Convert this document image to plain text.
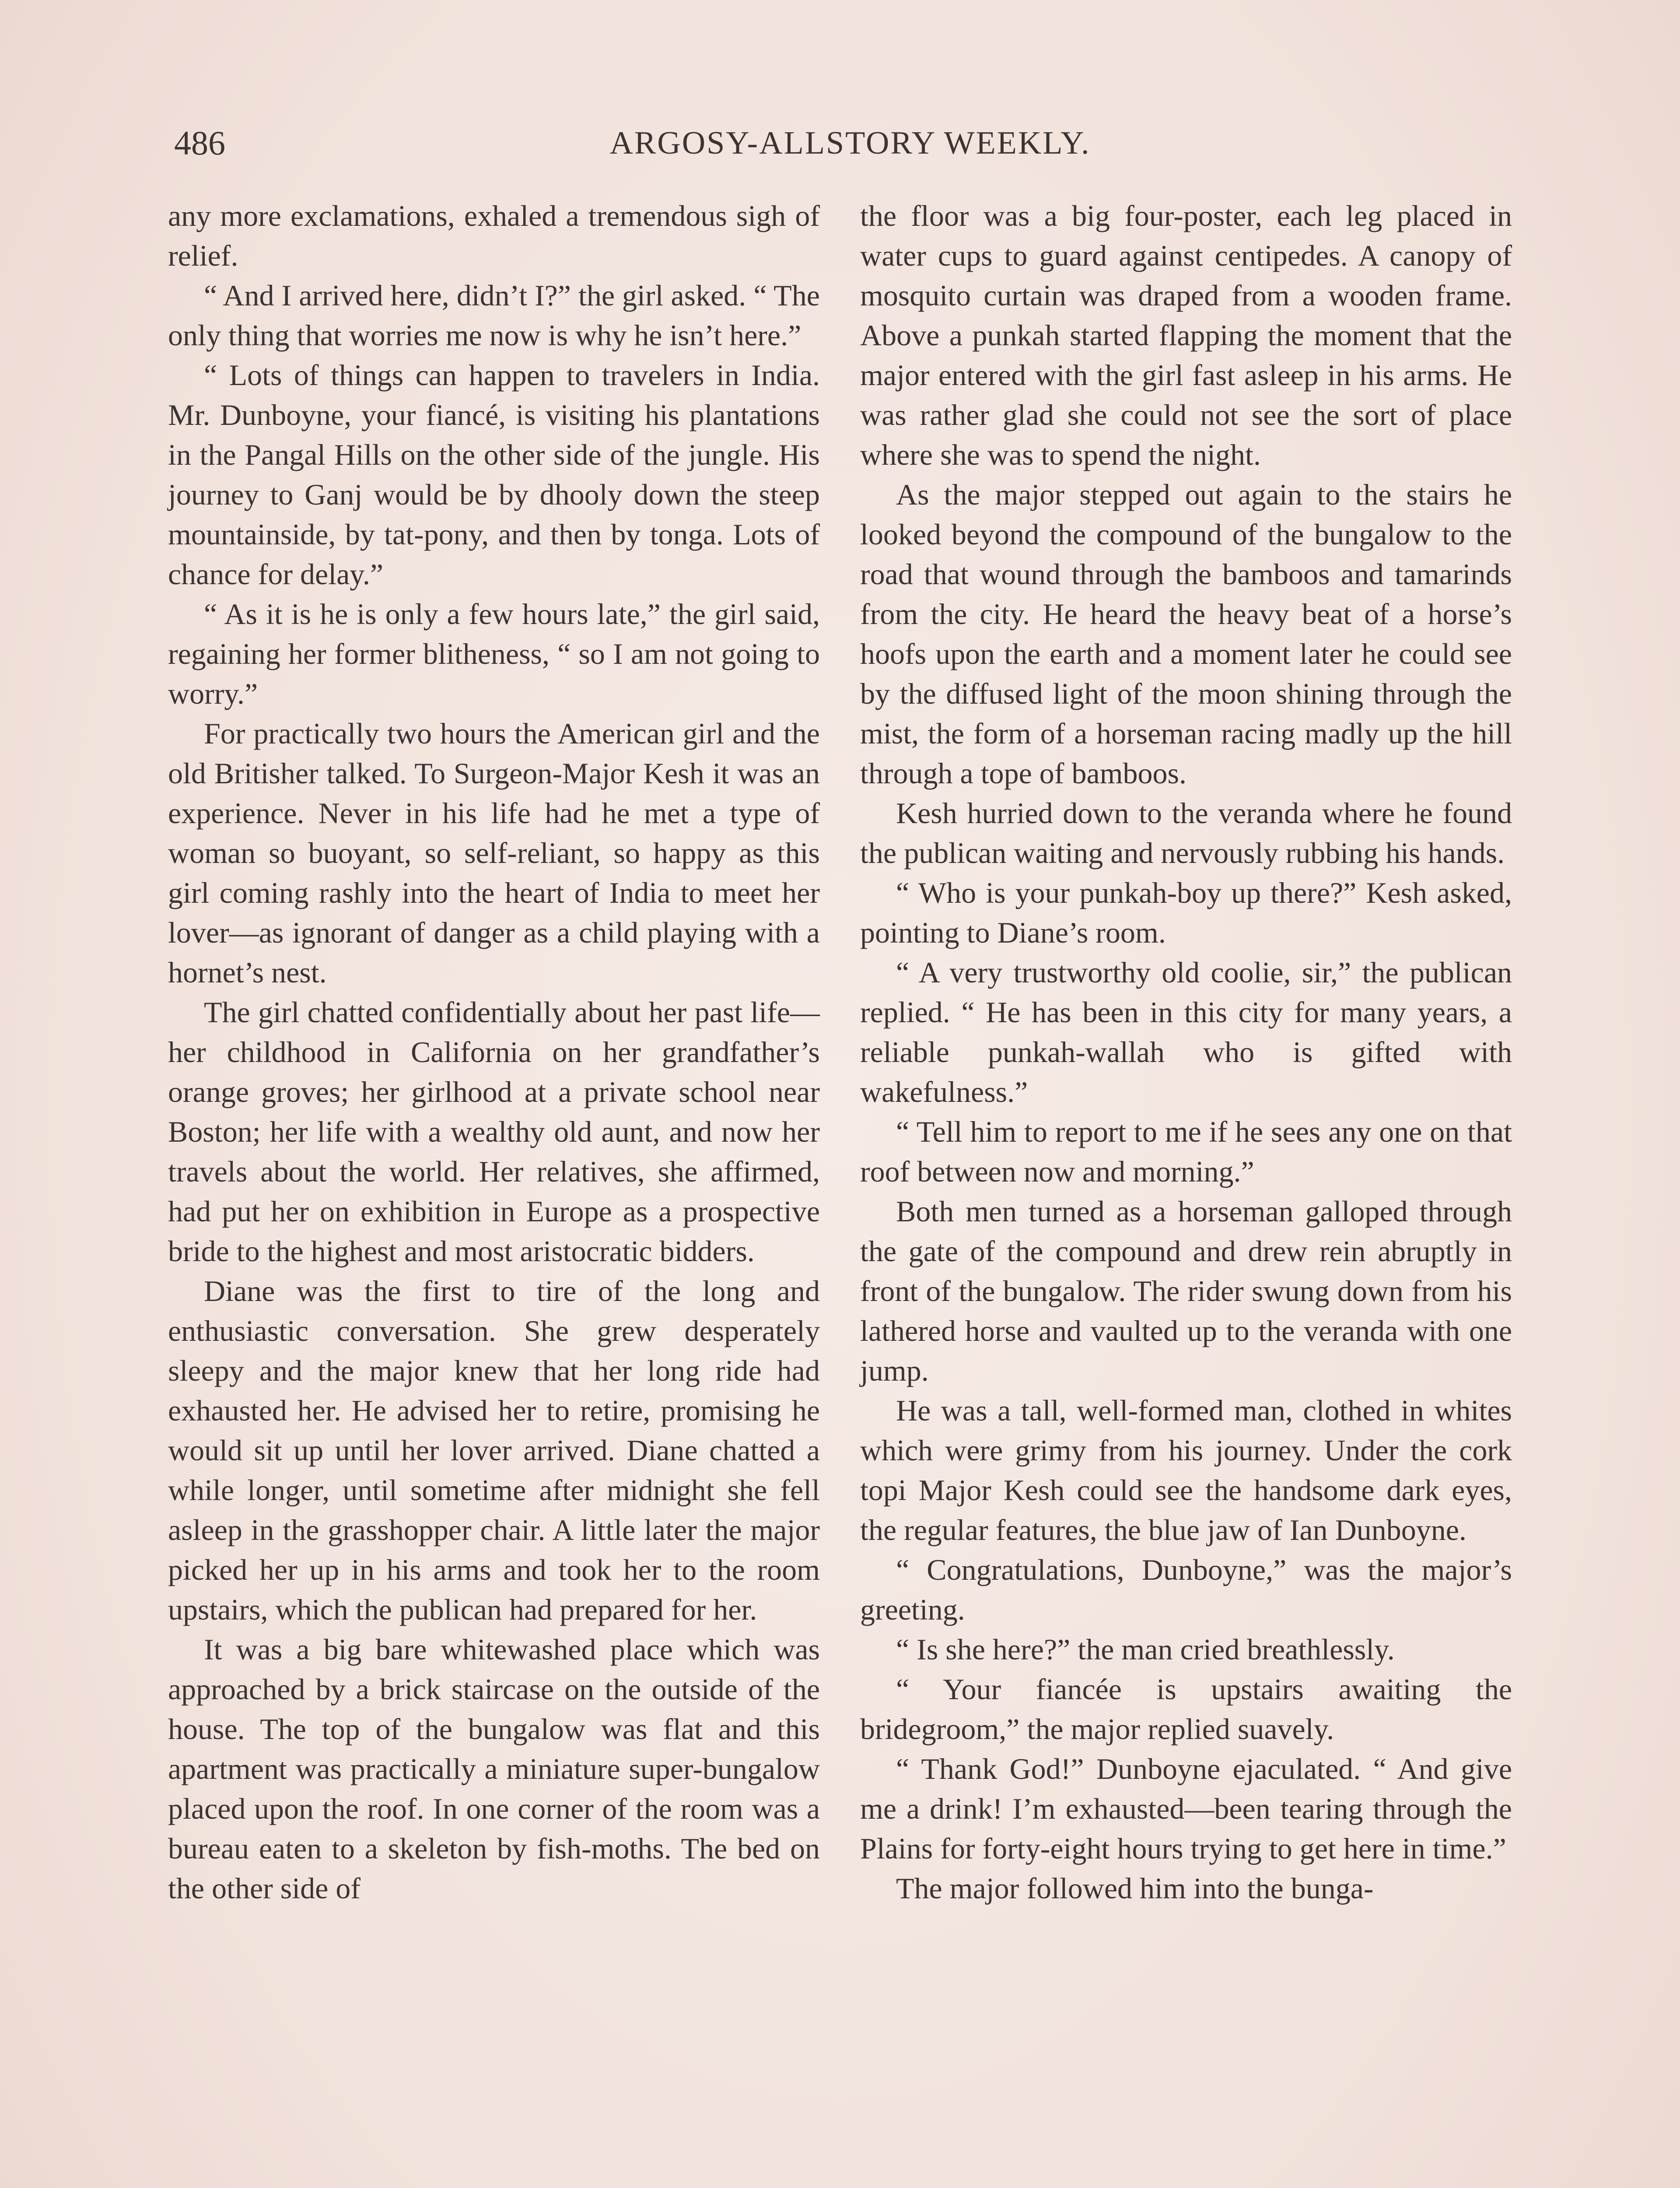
486	ARGOSY-ALLSTORY WEEKLY.

any more exclamations, exhaled a tremendous sigh of relief.

“ And I arrived here, didn’t I?” the girl asked. “ The only thing that worries me now is why he isn’t here.”

“ Lots of things can happen to travelers in India. Mr. Dunboyne, your fiancé, is visiting his plantations in the Pangal Hills on the other side of the jungle. His journey to Ganj would be by dhooly down the steep mountainside, by tat-pony, and then by tonga. Lots of chance for delay.”

“ As it is he is only a few hours late,” the girl said, regaining her former blitheness, “ so I am not going to worry.”

For practically two hours the American girl and the old Britisher talked. To Surgeon-Major Kesh it was an experience. Never in his life had he met a type of woman so buoyant, so self-reliant, so happy as this girl coming rashly into the heart of India to meet her lover—as ignorant of danger as a child playing with a hornet’s nest.

The girl chatted confidentially about her past life—her childhood in California on her grandfather’s orange groves; her girlhood at a private school near Boston; her life with a wealthy old aunt, and now her travels about the world. Her relatives, she affirmed, had put her on exhibition in Europe as a prospective bride to the highest and most aristocratic bidders.

Diane was the first to tire of the long and enthusiastic conversation. She grew desperately sleepy and the major knew that her long ride had exhausted her. He advised her to retire, promising he would sit up until her lover arrived. Diane chatted a while longer, until sometime after midnight she fell asleep in the grasshopper chair. A little later the major picked her up in his arms and took her to the room upstairs, which the publican had prepared for her.

It was a big bare whitewashed place which was approached by a brick staircase on the outside of the house. The top of the bungalow was flat and this apartment was practically a miniature super-bungalow placed upon the roof. In one corner of the room was a bureau eaten to a skeleton by fish-moths. The bed on the other side of

the floor was a big four-poster, each leg placed in water cups to guard against centipedes. A canopy of mosquito curtain was draped from a wooden frame. Above a punkah started flapping the moment that the major entered with the girl fast asleep in his arms. He was rather glad she could not see the sort of place where she was to spend the night.

As the major stepped out again to the stairs he looked beyond the compound of the bungalow to the road that wound through the bamboos and tamarinds from the city. He heard the heavy beat of a horse’s hoofs upon the earth and a moment later he could see by the diffused light of the moon shining through the mist, the form of a horseman racing madly up the hill through a tope of bamboos.

Kesh hurried down to the veranda where he found the publican waiting and nervously rubbing his hands.

“ Who is your punkah-boy up there?” Kesh asked, pointing to Diane’s room.

“ A very trustworthy old coolie, sir,” the publican replied. “ He has been in this city for many years, a reliable punkah-wallah who is gifted with wakefulness.”

“ Tell him to report to me if he sees any one on that roof between now and morning.”

Both men turned as a horseman galloped through the gate of the compound and drew rein abruptly in front of the bungalow. The rider swung down from his lathered horse and vaulted up to the veranda with one jump.

He was a tall, well-formed man, clothed in whites which were grimy from his journey. Under the cork topi Major Kesh could see the handsome dark eyes, the regular features, the blue jaw of Ian Dunboyne.

“ Congratulations, Dunboyne,” was the major’s greeting.

“ Is she here?” the man cried breathlessly.

“ Your fiancée is upstairs awaiting the bridegroom,” the major replied suavely.

“ Thank God!” Dunboyne ejaculated. “ And give me a drink! I’m exhausted—been tearing through the Plains for forty-eight hours trying to get here in time.”

The major followed him into the bunga-
